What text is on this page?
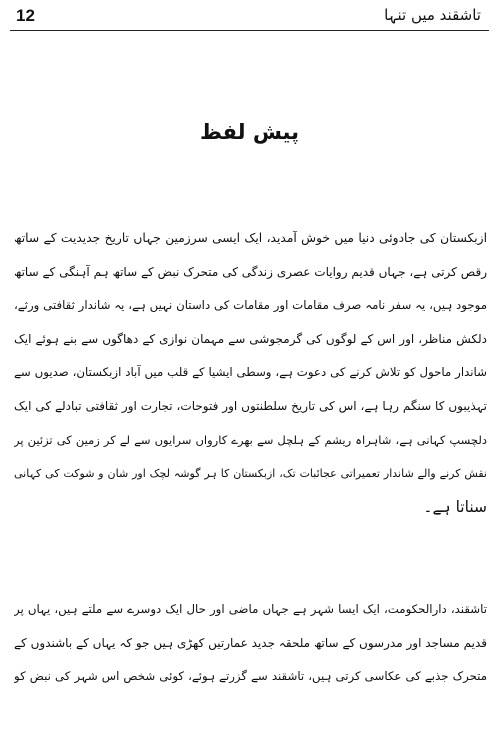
12	تاشقند میں تنہا
پیش لفظ
ازبکستان کی جادوئی دنیا میں خوش آمدید، ایک ایسی سرزمین جہاں تاریخ جدیدیت کے ساتھ
رقص کرتی ہے، جہاں قدیم روایات عصری زندگی کی متحرک نبض کے ساتھ ہم آہنگی کے ساتھ
موجود ہیں، یہ سفر نامہ صرف مقامات اور مقامات کی داستان نہیں ہے، یہ شاندار ثقافتی ورثے،
دلکش مناظر، اور اس کے لوگوں کی گرمجوشی سے مہمان نوازی کے دھاگوں سے بنے ہوئے ایک
شاندار ماحول کو تلاش کرنے کی دعوت ہے، وسطی ایشیا کے قلب میں آباد ازبکستان، صدیوں سے
تہذیبوں کا سنگم رہا ہے، اس کی تاریخ سلطنتوں اور فتوحات، تجارت اور ثقافتی تبادلے کی ایک
دلچسپ کہانی ہے، شاہراہ ریشم کے ہلچل سے بھرے کارواں سرایوں سے لے کر زمین کی تزئین پر
نقش کرنے والے شاندار تعمیراتی عجائبات تک، ازبکستان کا ہر گوشہ لچک اور شان و شوکت کی کہانی
سناتا ہے۔
تاشقند، دارالحکومت، ایک ایسا شہر ہے جہاں ماضی اور حال ایک دوسرے سے ملتے ہیں، یہاں پر
قدیم مساجد اور مدرسوں کے ساتھ ملحقہ جدید عمارتیں کھڑی ہیں جو کہ یہاں کے باشندوں کے
متحرک جذبے کی عکاسی کرتی ہیں، تاشقند سے گزرتے ہوئے، کوئی شخص اس شہر کی نبض کو
